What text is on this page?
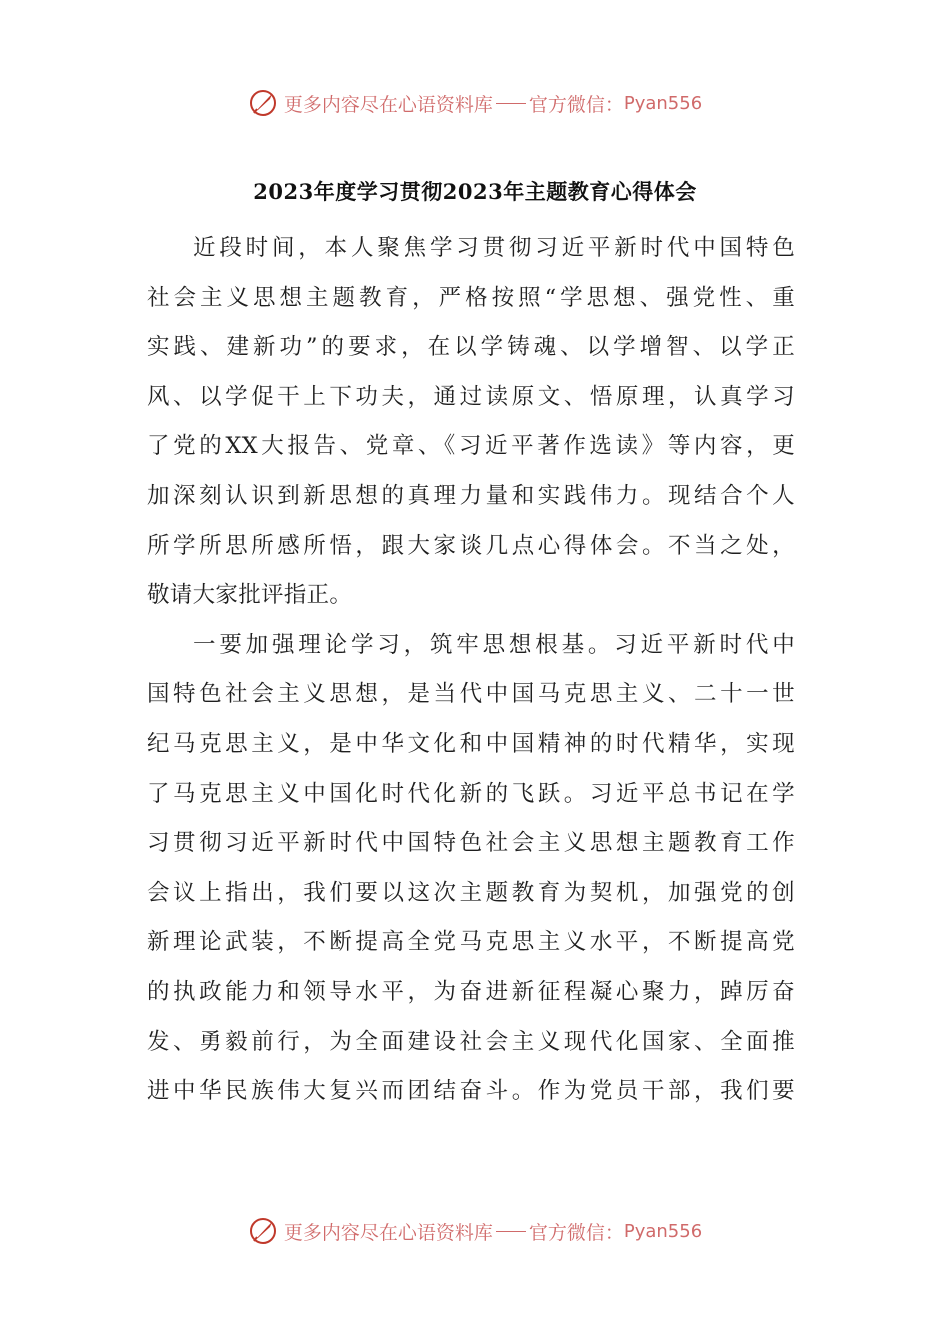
更多内容尽在心语资料库 官方微信： Pyan556
2023年度学习贯彻2023年主题教育心得体会
近段时间，本人聚焦学习贯彻习近平新时代中国特色
社会主义思想主题教育，严格按照“学思想、强党性、重
实践、建新功”的要求，在以学铸魂、以学增智、以学正
风、以学促干上下功夫，通过读原文、悟原理，认真学习
了党的XX大报告、党章、《习近平著作选读》等内容，更
加深刻认识到新思想的真理力量和实践伟力。现结合个人
所学所思所感所悟，跟大家谈几点心得体会。不当之处，
敬请大家批评指正。
一要加强理论学习，筑牢思想根基。习近平新时代中
国特色社会主义思想，是当代中国马克思主义、二十一世
纪马克思主义，是中华文化和中国精神的时代精华，实现
了马克思主义中国化时代化新的飞跃。习近平总书记在学
习贯彻习近平新时代中国特色社会主义思想主题教育工作
会议上指出，我们要以这次主题教育为契机，加强党的创
新理论武装，不断提高全党马克思主义水平，不断提高党
的执政能力和领导水平，为奋进新征程凝心聚力，踔厉奋
发、勇毅前行，为全面建设社会主义现代化国家、全面推
进中华民族伟大复兴而团结奋斗。作为党员干部，我们要
更多内容尽在心语资料库 官方微信： Pyan556
